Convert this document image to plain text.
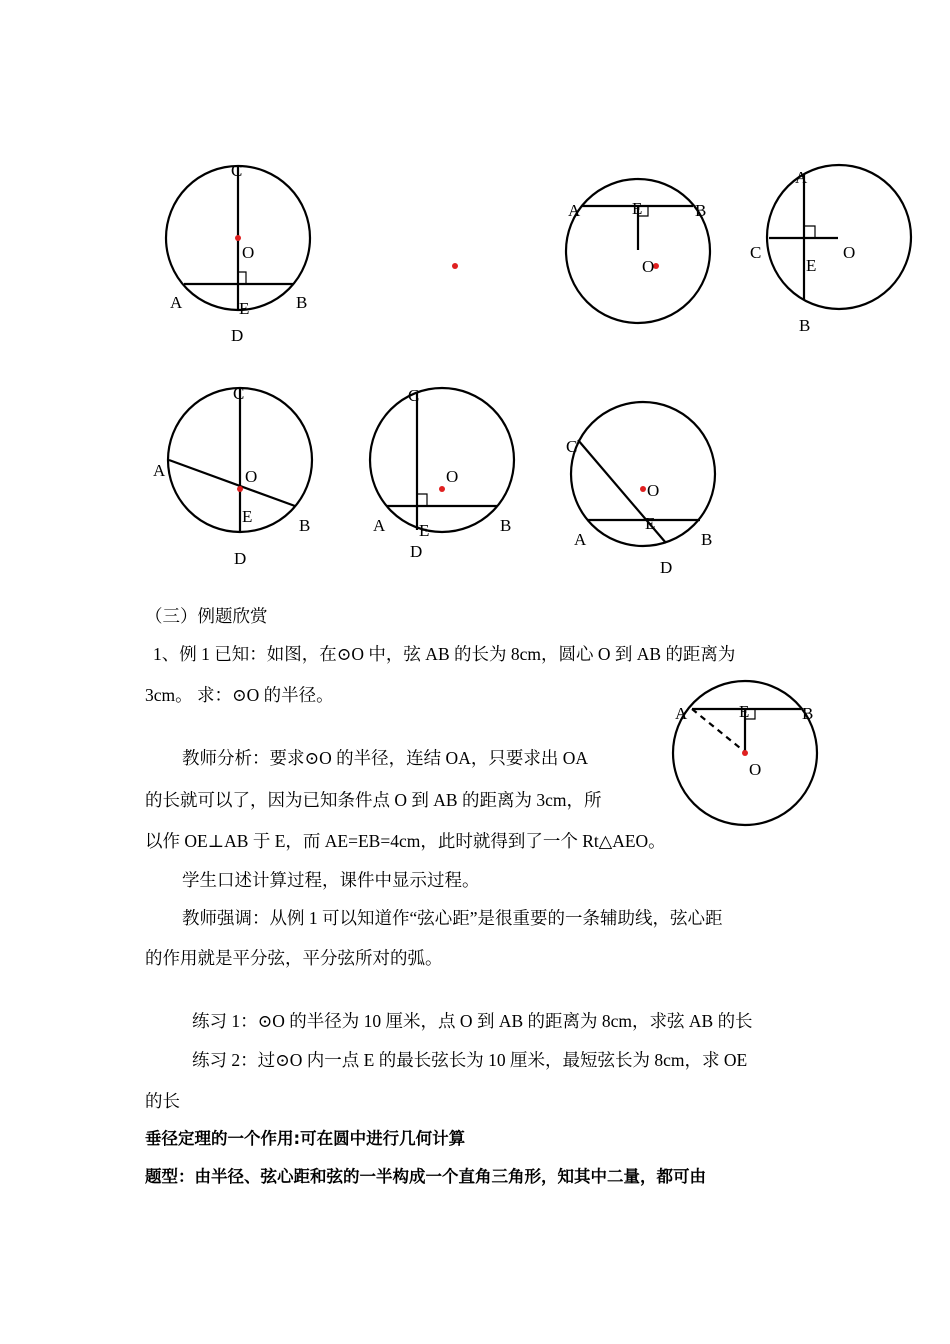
C
O
A	B
E
D
A	E	B
O
A
C	O
E
B
C
A	O
E	B
D
C
O
A E	B
D
C
O
E
A	B
D
A	E	B
O
（三）例题欣赏
1、例 1 已知：如图，在⊙O 中，弦 AB 的长为 8cm，圆心 O 到 AB 的距离为
3cm。 求：⊙O 的半径。
教师分析：要求⊙O 的半径，连结 OA，只要求出 OA
的长就可以了，因为已知条件点 O 到 AB 的距离为 3cm，所
以作 OE⊥AB 于 E，而 AE=EB=4cm，此时就得到了一个 Rt△AEO。
学生口述计算过程，课件中显示过程。
教师强调：从例 1 可以知道作“弦心距”是很重要的一条辅助线，弦心距
的作用就是平分弦，平分弦所对的弧。
练习 1：⊙O 的半径为 10 厘米，点 O 到 AB 的距离为 8cm，求弦 AB 的长
练习 2：过⊙O 内一点 E 的最长弦长为 10 厘米，最短弦长为 8cm，求 OE
的长
垂径定理的一个作用:可在圆中进行几何计算
题型：由半径、弦心距和弦的一半构成一个直角三角形，知其中二量，都可由
